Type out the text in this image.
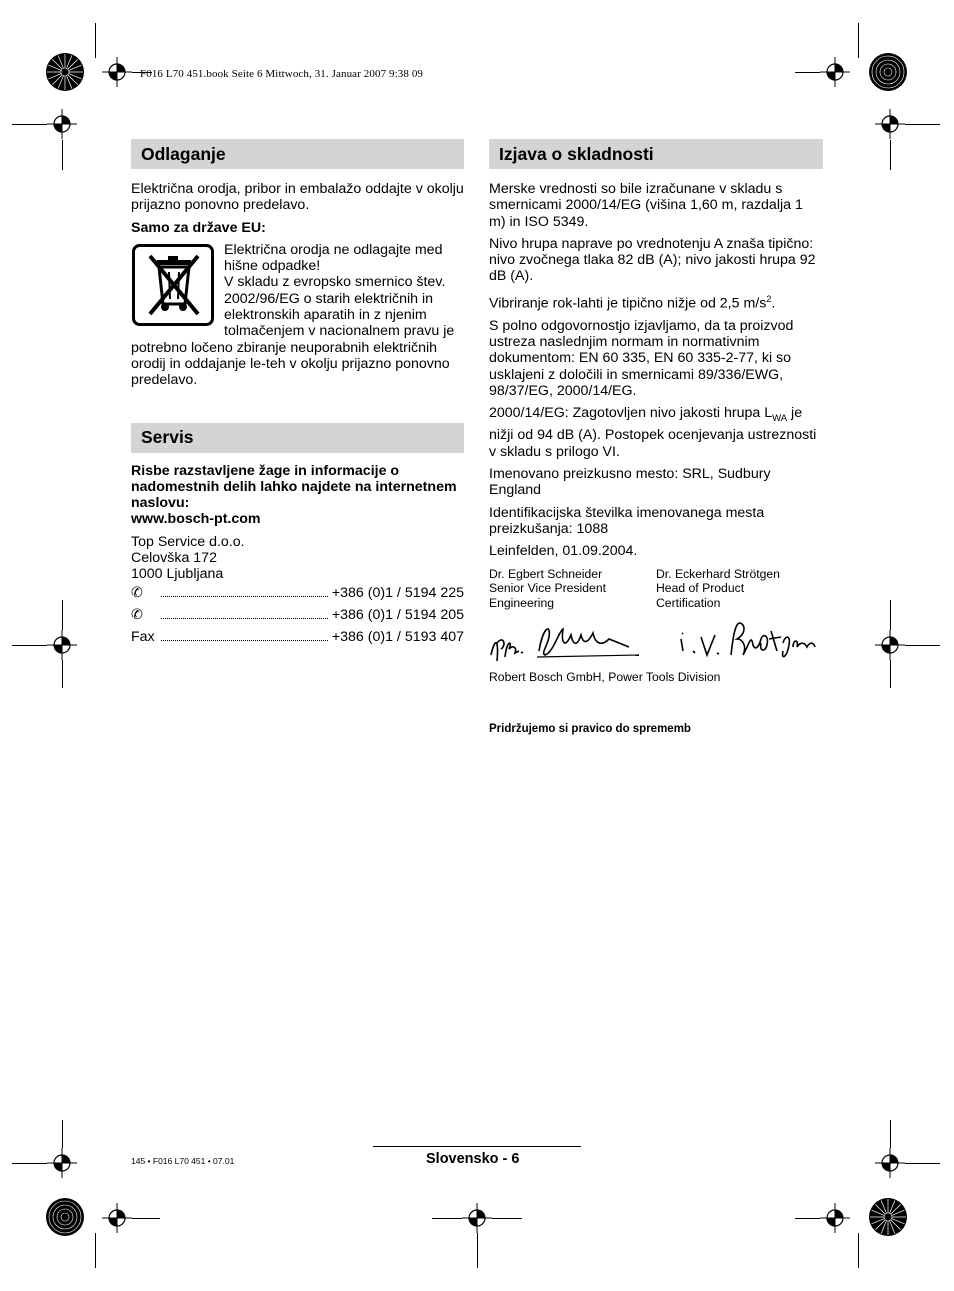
F016 L70 451.book Seite 6 Mittwoch, 31. Januar 2007 9:38 09
Odlaganje

Električna orodja, pribor in embalažo oddajte v okolju prijazno ponovno predelavo.

Samo za države EU:

Električna orodja ne odlagajte med hišne odpadke!

V skladu z evropsko smernico štev. 2002/96/EG o starih električnih in elektronskih aparatih in z njenim tolmačenjem v nacionalnem pravu je potrebno ločeno zbiranje neuporabnih električnih orodij in oddajanje le-teh v okolju prijazno ponovno predelavo.

Servis

Risbe razstavljene žage in informacije o nadomestnih delih lahko najdete na internetnem naslovu:

www.bosch-pt.com

Top Service d.o.o.

Celovška 172

1000 Ljubljana

✆	+386 (0)1 / 5194 225
✆	+386 (0)1 / 5194 205
Fax	+386 (0)1 / 5193 407
Izjava o skladnosti

Merske vrednosti so bile izračunane v skladu s smernicami 2000/14/EG (višina 1,60 m, razdalja 1 m) in ISO 5349.

Nivo hrupa naprave po vrednotenju A znaša tipično: nivo zvočnega tlaka 82 dB (A); nivo jakosti hrupa 92 dB (A).

Vibriranje rok-lahti je tipično nižje od 2,5 $m/s^2$.

S polno odgovornostjo izjavljamo, da ta proizvod ustreza naslednjim normam in normativnim dokumentom: EN 60 335, EN 60 335-2-77, ki so usklajeni z določili in smernicami 89/336/EWG, 98/37/EG, 2000/14/EG.

2000/14/EG: Zagotovljen nivo jakosti hrupa $L_{WA}$ je nižji od 94 dB (A). Postopek ocenjevanja ustreznosti v skladu s prilogo VI.

Imenovano preizkusno mesto: SRL, Sudbury England

Identifikacijska številka imenovanega mesta preizkušanja: 1088

Leinfelden, 01.09.2004.

Dr. Egbert Schneider
Senior Vice President
Engineering
Dr. Eckerhard Strötgen
Head of Product
Certification

Robert Bosch GmbH, Power Tools Division

Pridržujemo si pravico do sprememb

145 • F016 L70 451 • 07.01	Slovensko - 6
